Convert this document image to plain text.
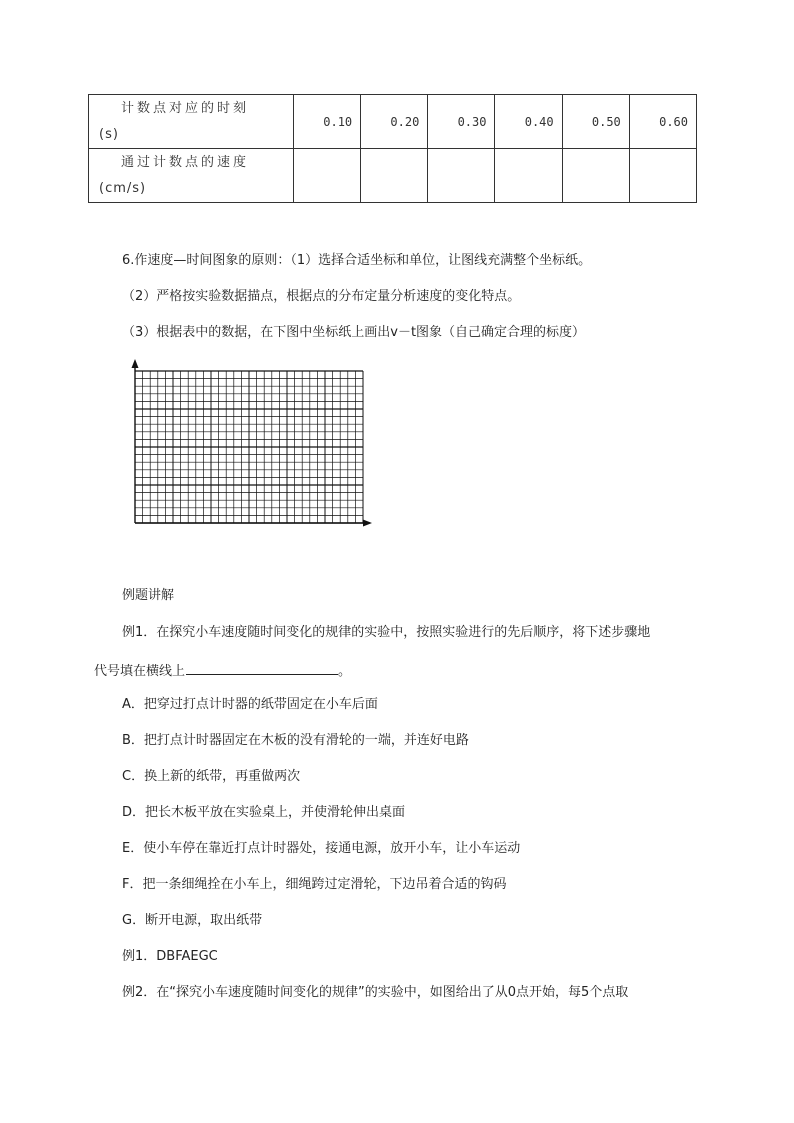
计数点对应的时刻
(s)	0.10	0.20	0.30	0.40	0.50	0.60

通过计数点的速度
(cm/s)						

6.作速度—时间图象的原则：（1）选择合适坐标和单位，让图线充满整个坐标纸。
（2）严格按实验数据描点，根据点的分布定量分析速度的变化特点。
（3）根据表中的数据，在下图中坐标纸上画出v－t图象（自己确定合理的标度）
例题讲解
例1．在探究小车速度随时间变化的规律的实验中，按照实验进行的先后顺序，将下述步骤地
代号填在横线上	。
A．把穿过打点计时器的纸带固定在小车后面
B．把打点计时器固定在木板的没有滑轮的一端，并连好电路
C．换上新的纸带，再重做两次
D．把长木板平放在实验桌上，并使滑轮伸出桌面
E．使小车停在靠近打点计时器处，接通电源，放开小车，让小车运动
F．把一条细绳拴在小车上，细绳跨过定滑轮，下边吊着合适的钩码
G．断开电源，取出纸带
例1．DBFAEGC
例2．在“探究小车速度随时间变化的规律”的实验中，如图给出了从0点开始，每5个点取
